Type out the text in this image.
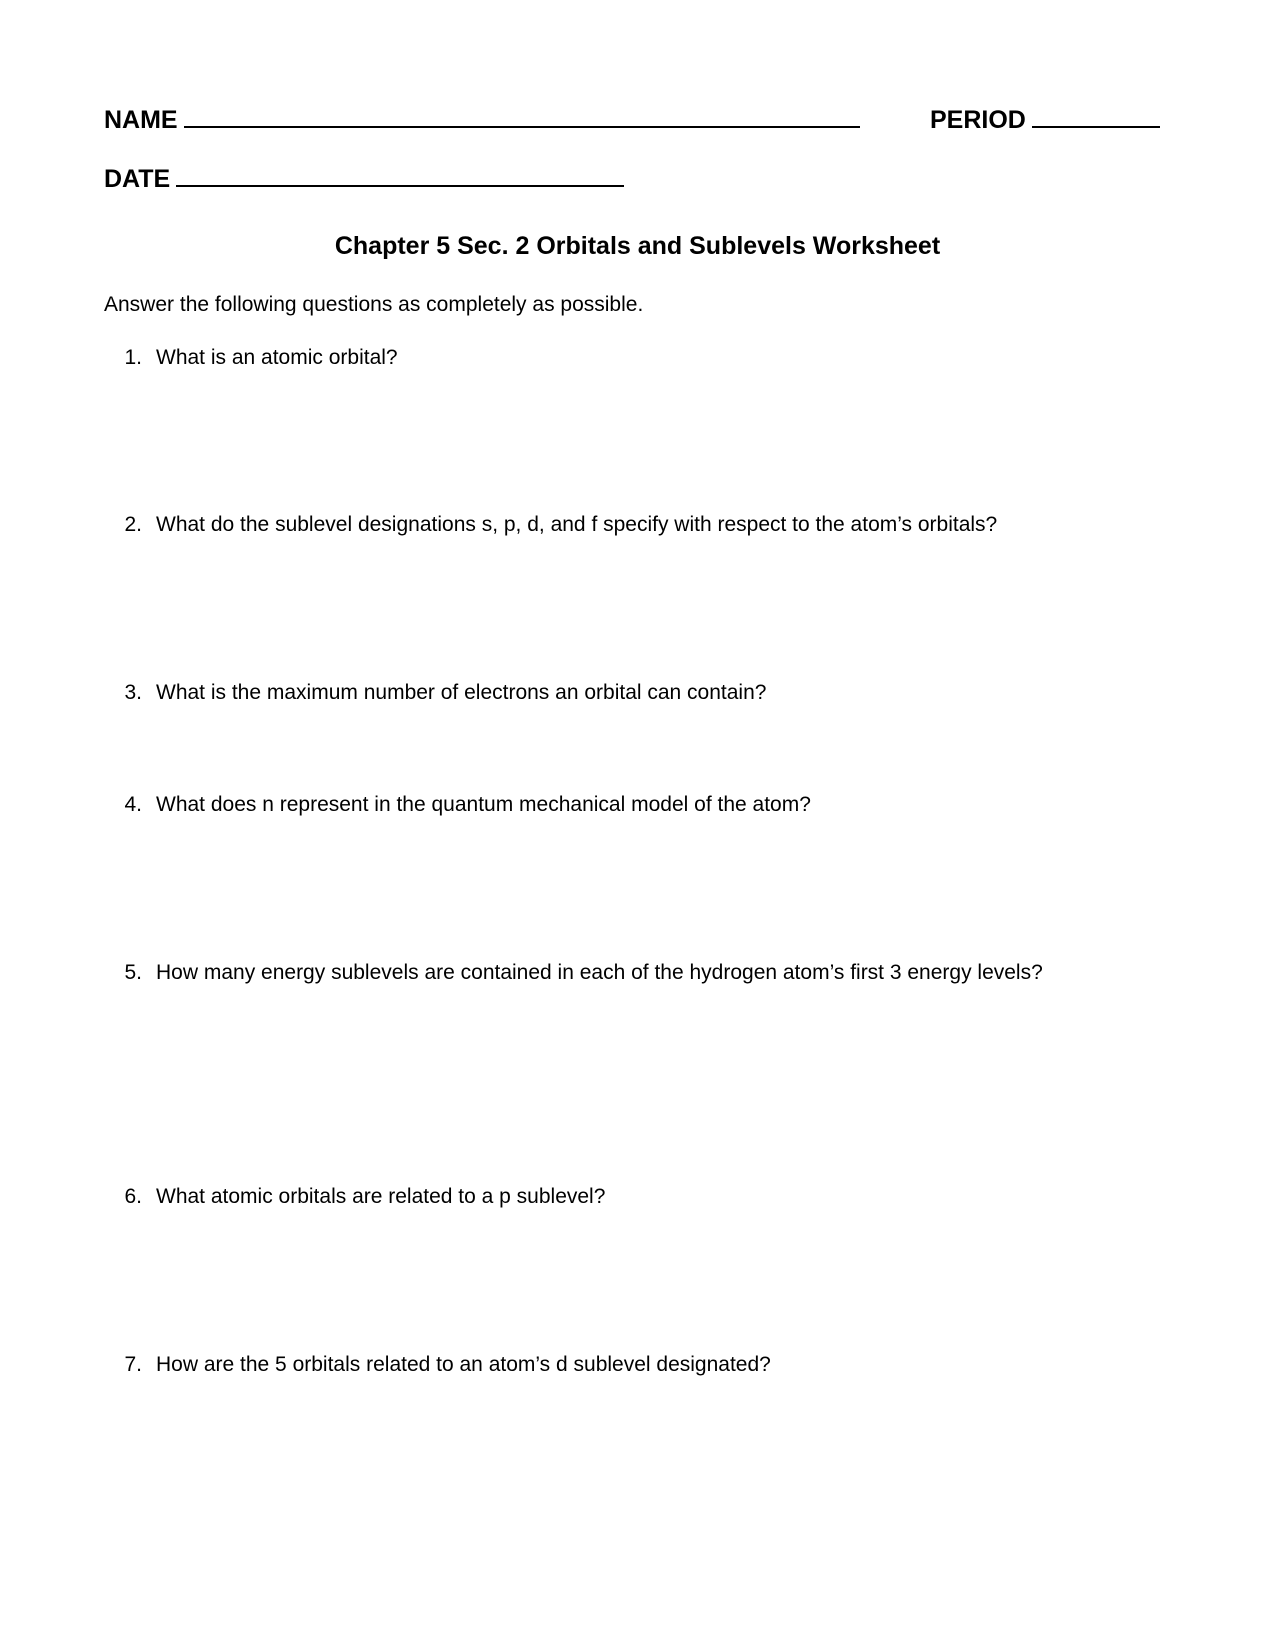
NAME	PERIOD
DATE
Chapter 5 Sec. 2 Orbitals and Sublevels Worksheet
Answer the following questions as completely as possible.
1. What is an atomic orbital?
2. What do the sublevel designations s, p, d, and f specify with respect to the atom’s orbitals?
3. What is the maximum number of electrons an orbital can contain?
4. What does n represent in the quantum mechanical model of the atom?
5. How many energy sublevels are contained in each of the hydrogen atom’s first 3 energy levels?
6. What atomic orbitals are related to a p sublevel?
7. How are the 5 orbitals related to an atom’s d sublevel designated?
